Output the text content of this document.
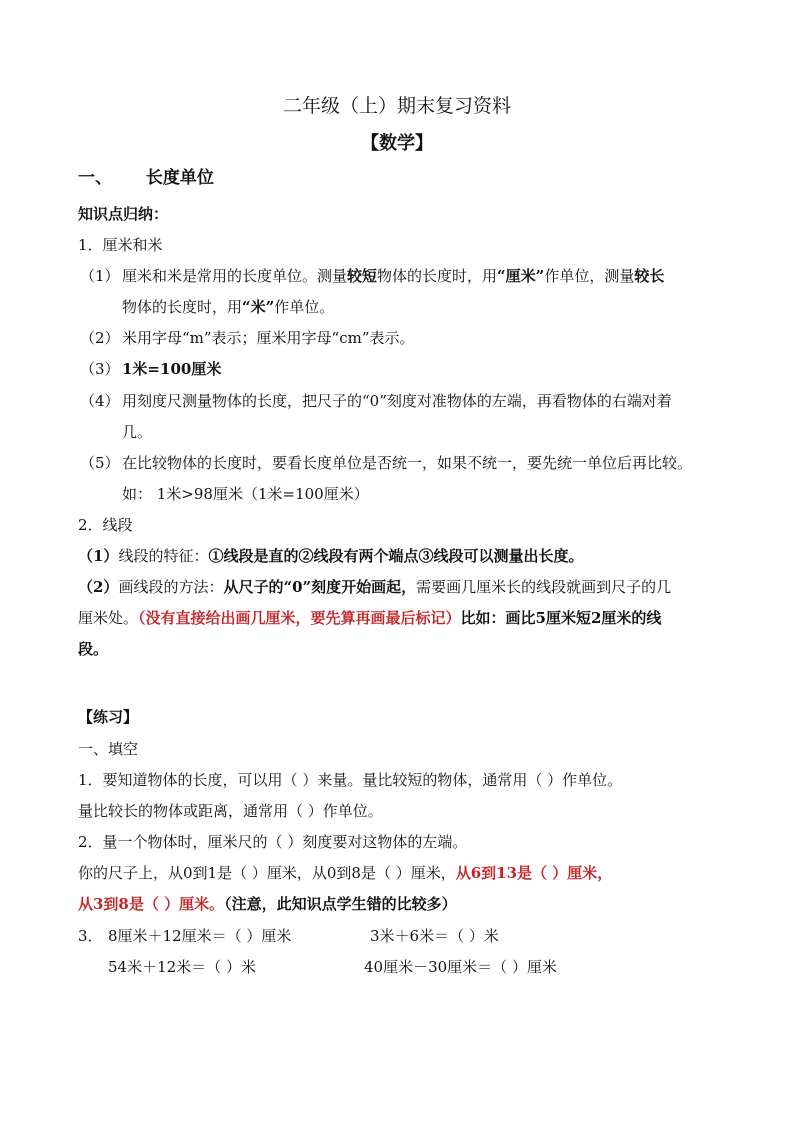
二年级（上）期末复习资料
【数学】
一、 长度单位
知识点归纳：
1．厘米和米
（1） 厘米和米是常用的长度单位。测量较短物体的长度时，用“厘米”作单位，测量较长
物体的长度时，用“米”作单位。
（2） 米用字母“m”表示；厘米用字母“cm”表示。
（3） 1米=100厘米
（4） 用刻度尺测量物体的长度，把尺子的“0”刻度对准物体的左端，再看物体的右端对着
几。
（5） 在比较物体的长度时，要看长度单位是否统一，如果不统一，要先统一单位后再比较。
如： 1米>98厘米（1米=100厘米）
2．线段
（1）线段的特征：①线段是直的②线段有两个端点③线段可以测量出长度。
（2）画线段的方法：从尺子的“0”刻度开始画起，需要画几厘米长的线段就画到尺子的几
厘米处。（没有直接给出画几厘米，要先算再画最后标记）比如：画比5厘米短2厘米的线
段。
【练习】
一、填空
1．要知道物体的长度，可以用（ ）来量。量比较短的物体，通常用（ ）作单位。
量比较长的物体或距离，通常用（ ）作单位。
2．量一个物体时，厘米尺的（ ）刻度要对这物体的左端。
你的尺子上，从0到1是（ ）厘米，从0到8是（ ）厘米，从6到13是（ ）厘米，
从3到8是（ ）厘米。（注意，此知识点学生错的比较多）
3． 8厘米＋12厘米＝（ ）厘米	3米＋6米＝（ ）米
54米＋12米＝（ ）米	40厘米－30厘米＝（ ）厘米
